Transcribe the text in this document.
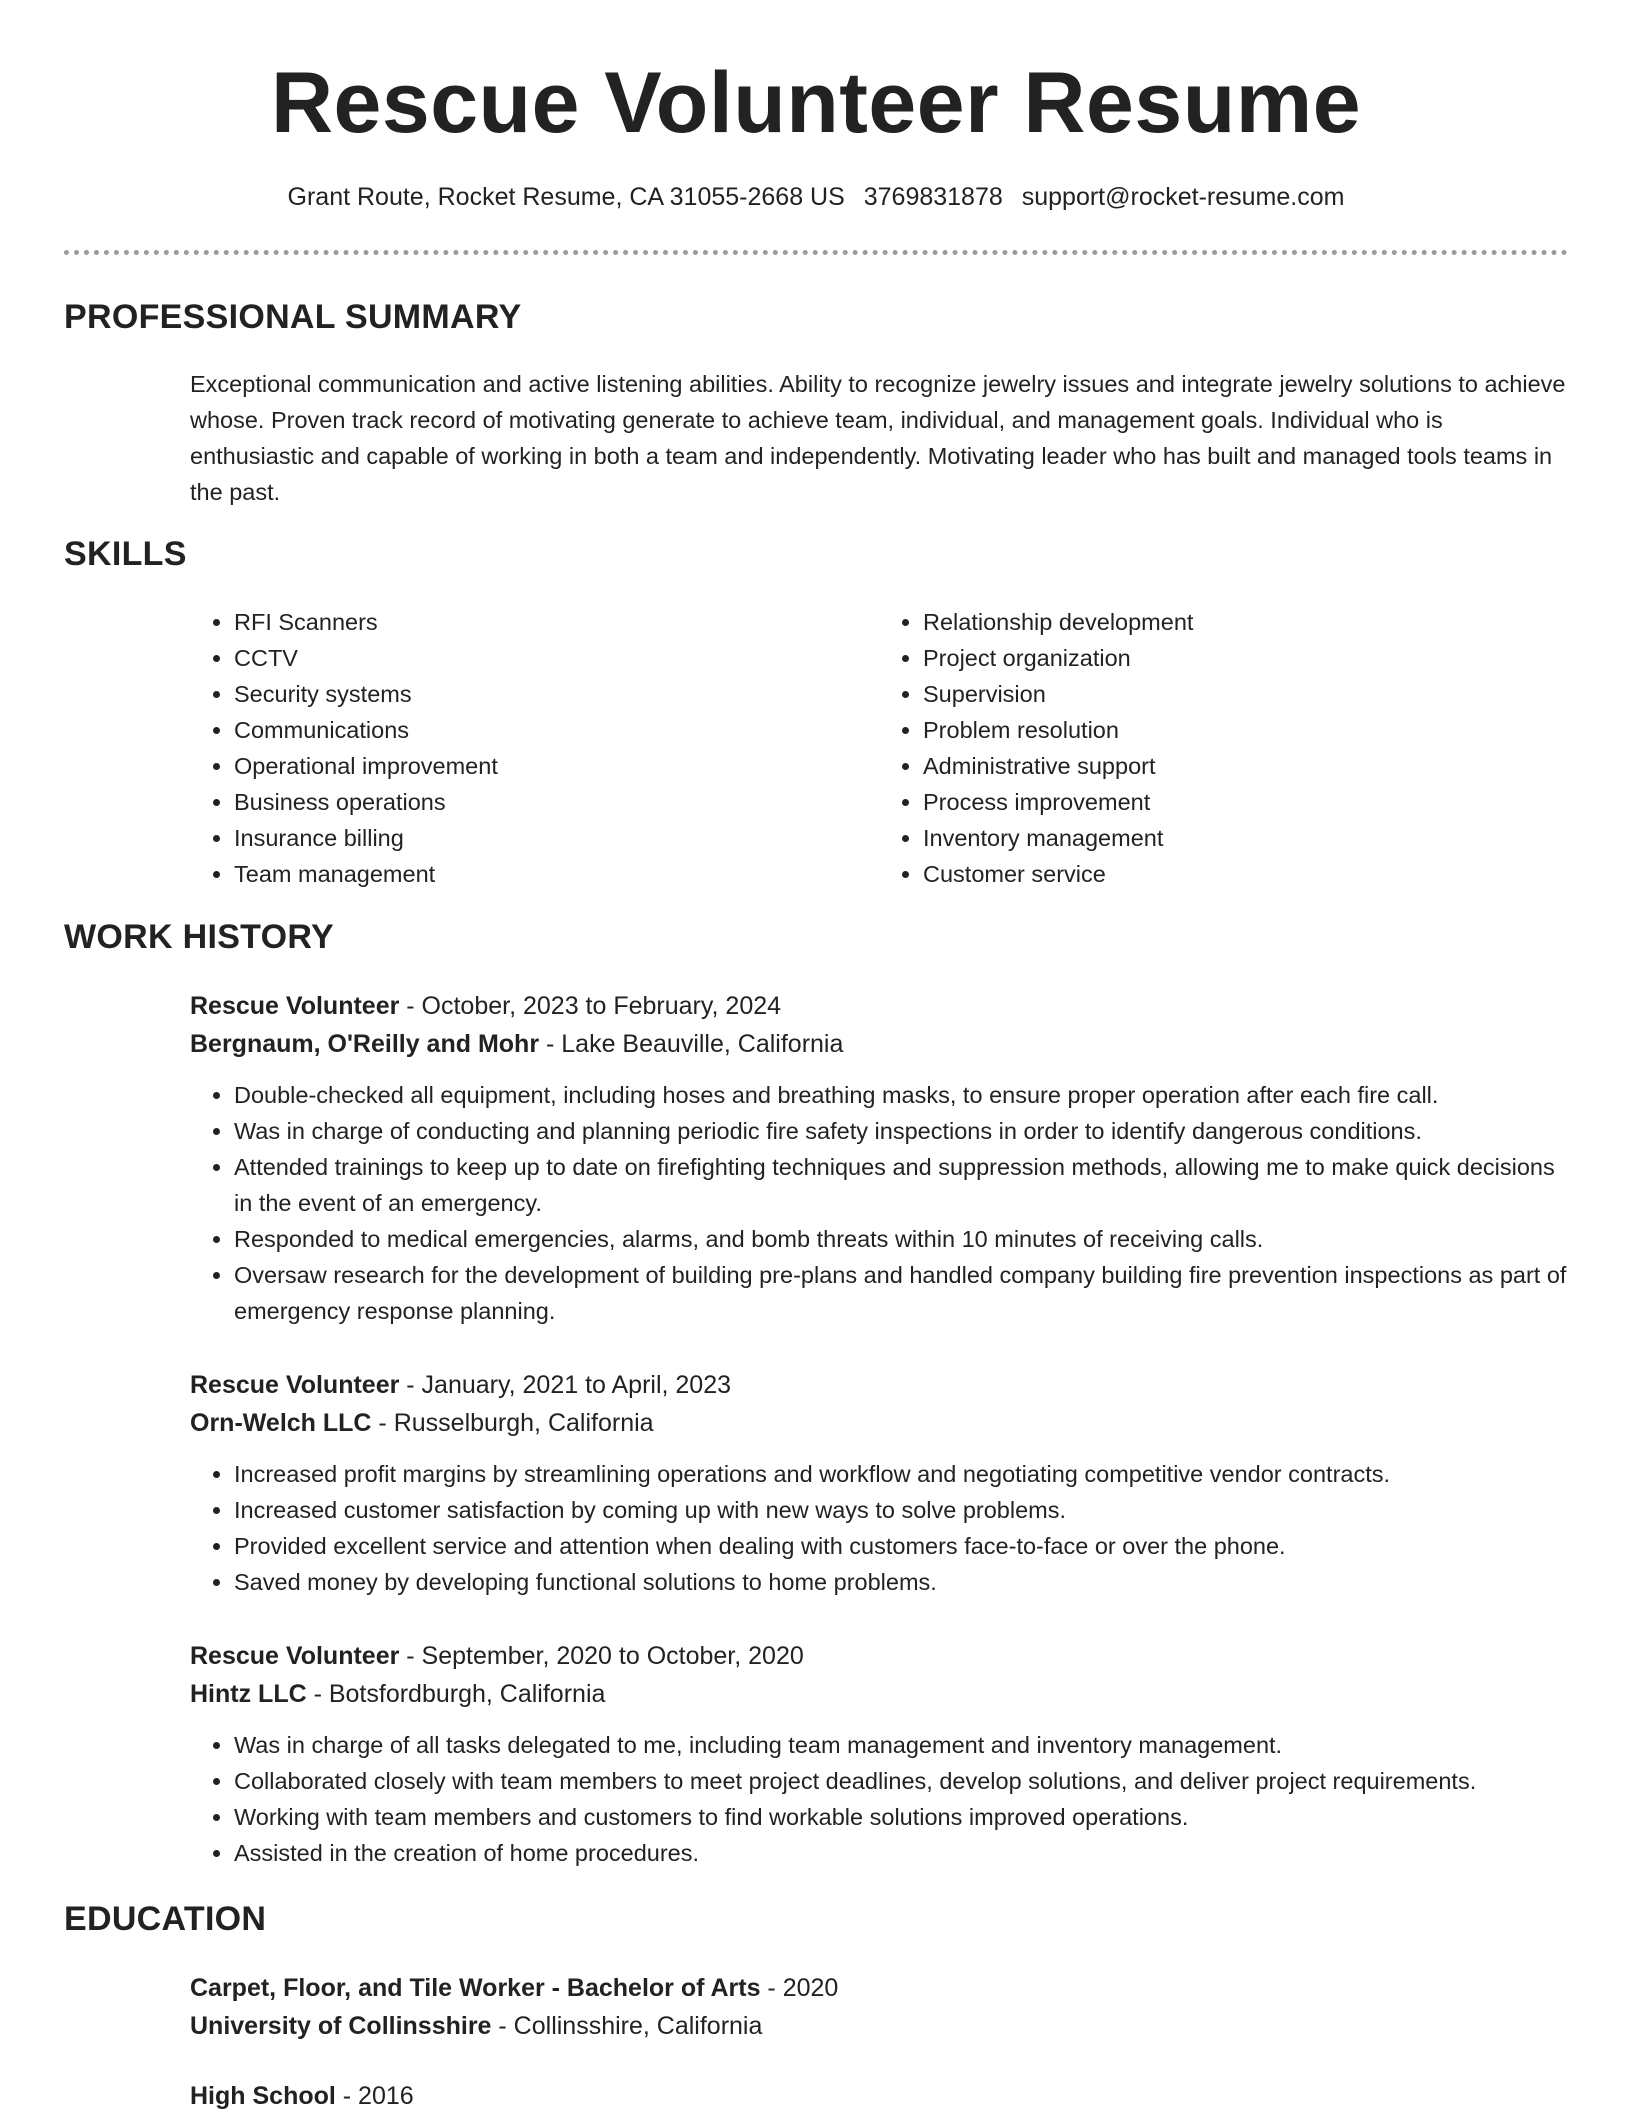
Rescue Volunteer Resume
Grant Route, Rocket Resume, CA 31055-2668 US 3769831878 support@rocket-resume.com
PROFESSIONAL SUMMARY
Exceptional communication and active listening abilities. Ability to recognize jewelry issues and integrate jewelry solutions to achieve whose. Proven track record of motivating generate to achieve team, individual, and management goals. Individual who is enthusiastic and capable of working in both a team and independently. Motivating leader who has built and managed tools teams in the past.
SKILLS
• RFI Scanners
• CCTV
• Security systems
• Communications
• Operational improvement
• Business operations
• Insurance billing
• Team management
• Relationship development
• Project organization
• Supervision
• Problem resolution
• Administrative support
• Process improvement
• Inventory management
• Customer service
WORK HISTORY
Rescue Volunteer - October, 2023 to February, 2024
Bergnaum, O'Reilly and Mohr - Lake Beauville, California
• Double-checked all equipment, including hoses and breathing masks, to ensure proper operation after each fire call.
• Was in charge of conducting and planning periodic fire safety inspections in order to identify dangerous conditions.
• Attended trainings to keep up to date on firefighting techniques and suppression methods, allowing me to make quick decisions in the event of an emergency.
• Responded to medical emergencies, alarms, and bomb threats within 10 minutes of receiving calls.
• Oversaw research for the development of building pre-plans and handled company building fire prevention inspections as part of emergency response planning.
Rescue Volunteer - January, 2021 to April, 2023
Orn-Welch LLC - Russelburgh, California
• Increased profit margins by streamlining operations and workflow and negotiating competitive vendor contracts.
• Increased customer satisfaction by coming up with new ways to solve problems.
• Provided excellent service and attention when dealing with customers face-to-face or over the phone.
• Saved money by developing functional solutions to home problems.
Rescue Volunteer - September, 2020 to October, 2020
Hintz LLC - Botsfordburgh, California
• Was in charge of all tasks delegated to me, including team management and inventory management.
• Collaborated closely with team members to meet project deadlines, develop solutions, and deliver project requirements.
• Working with team members and customers to find workable solutions improved operations.
• Assisted in the creation of home procedures.
EDUCATION
Carpet, Floor, and Tile Worker - Bachelor of Arts - 2020
University of Collinsshire - Collinsshire, California
High School - 2016
